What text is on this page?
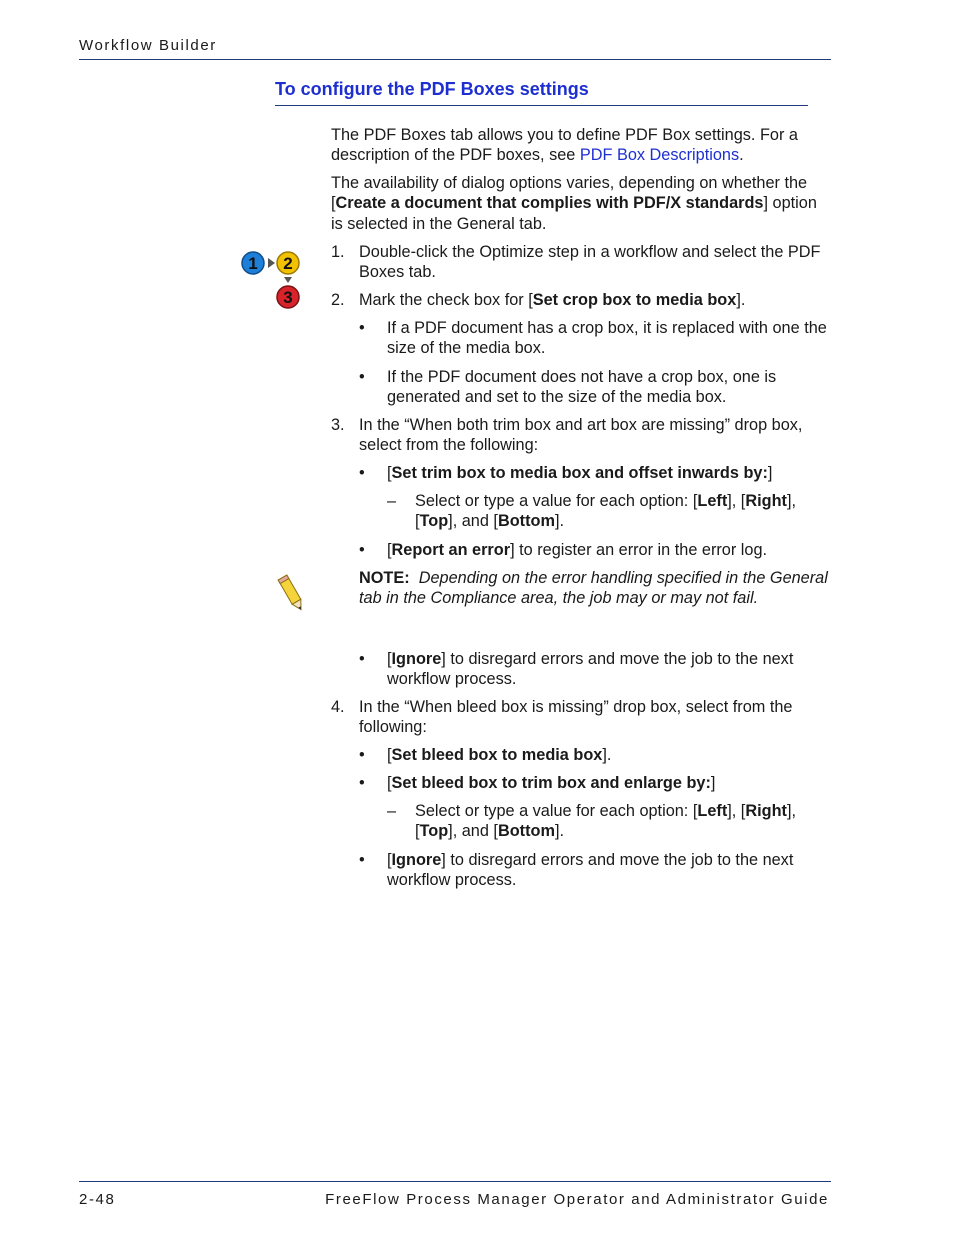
Workflow Builder
To configure the PDF Boxes settings
1 2
3

The PDF Boxes tab allows you to define PDF Box settings. For a description of the PDF boxes, see PDF Box Descriptions.

The availability of dialog options varies, depending on whether the [Create a document that complies with PDF/X standards] option is selected in the General tab.

1. Double-click the Optimize step in a workflow and select the PDF Boxes tab.
2. Mark the check box for [Set crop box to media box].
• If a PDF document has a crop box, it is replaced with one the size of the media box.
• If the PDF document does not have a crop box, one is generated and set to the size of the media box.
3. In the “When both trim box and art box are missing” drop box, select from the following:
• [Set trim box to media box and offset inwards by:]
– Select or type a value for each option: [Left], [Right], [Top], and [Bottom].
• [Report an error] to register an error in the error log.
NOTE: Depending on the error handling specified in the General tab in the Compliance area, the job may or may not fail.
• [Ignore] to disregard errors and move the job to the next workflow process.
4. In the “When bleed box is missing” drop box, select from the following:
• [Set bleed box to media box].
• [Set bleed box to trim box and enlarge by:]
– Select or type a value for each option: [Left], [Right], [Top], and [Bottom].
• [Ignore] to disregard errors and move the job to the next workflow process.
2-48	FreeFlow Process Manager Operator and Administrator Guide
